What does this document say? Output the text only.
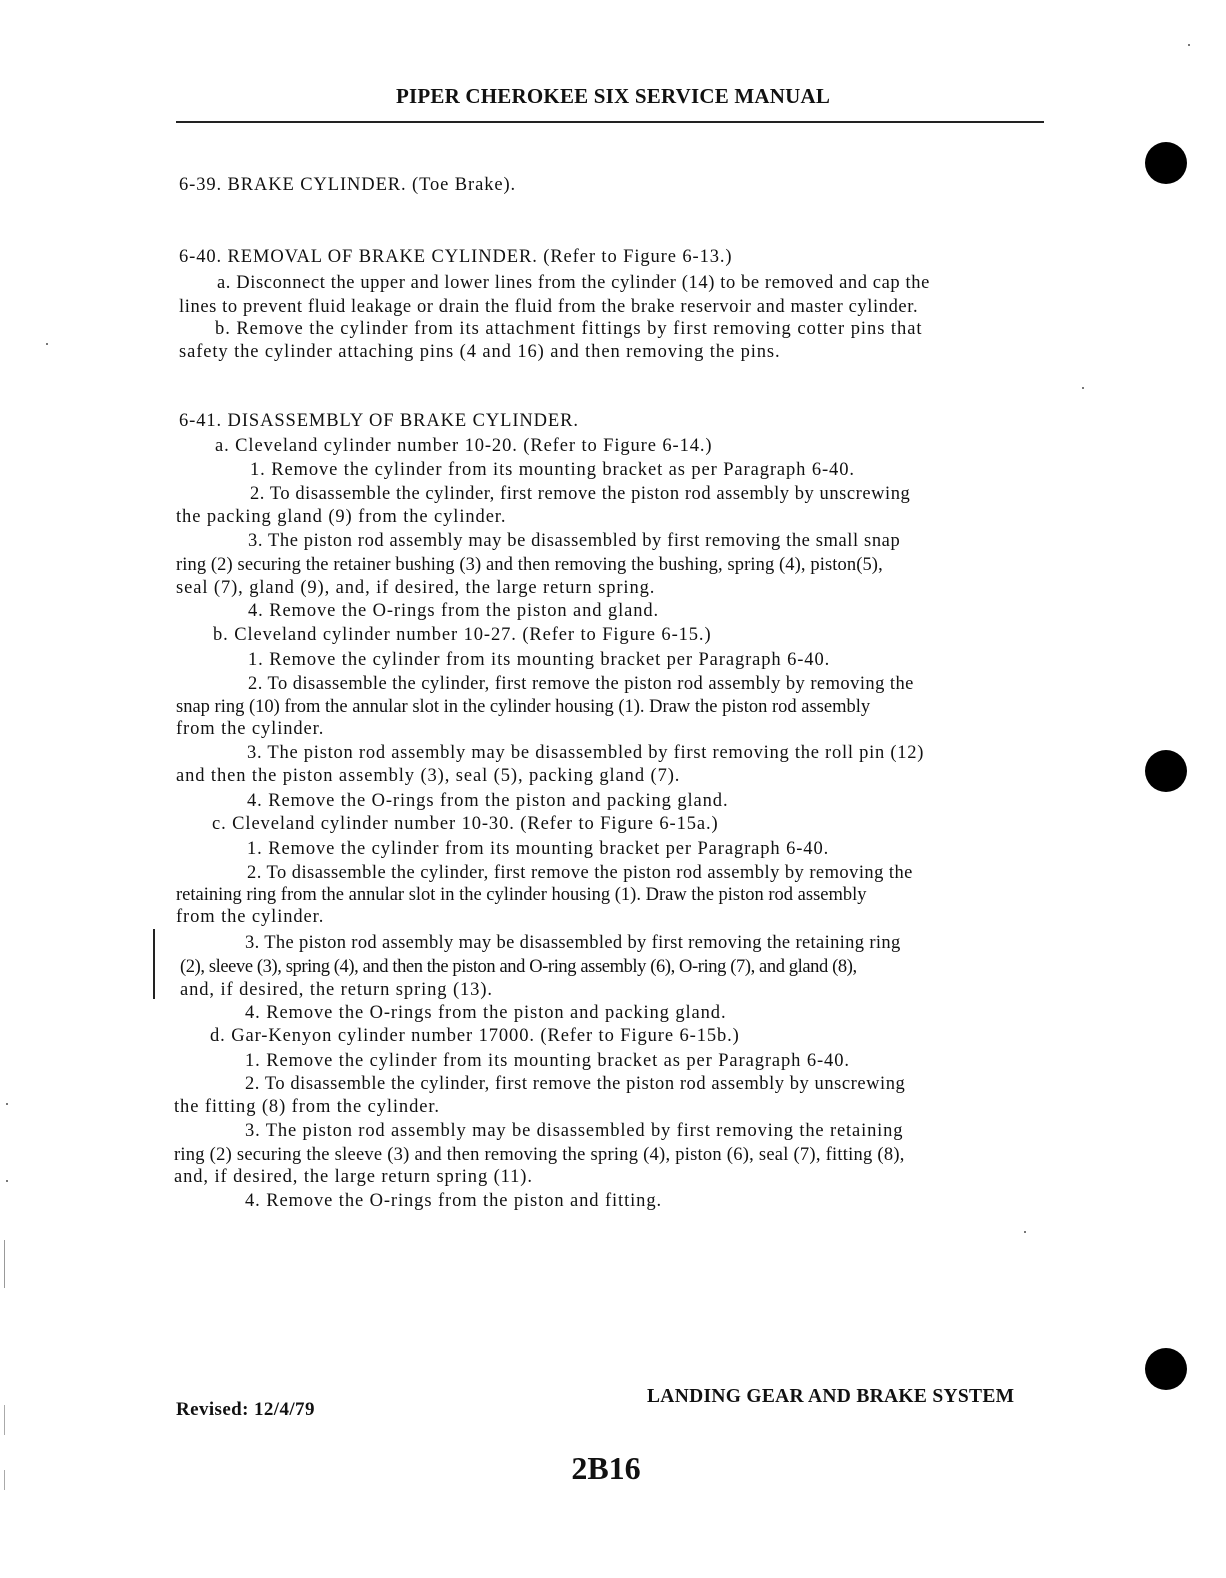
PIPER CHEROKEE SIX SERVICE MANUAL

6-39. BRAKE CYLINDER. (Toe Brake).

6-40. REMOVAL OF BRAKE CYLINDER. (Refer to Figure 6-13.)

a. Disconnect the upper and lower lines from the cylinder (14) to be removed and cap the

lines to prevent fluid leakage or drain the fluid from the brake reservoir and master cylinder.

b. Remove the cylinder from its attachment fittings by first removing cotter pins that

safety the cylinder attaching pins (4 and 16) and then removing the pins.

6-41. DISASSEMBLY OF BRAKE CYLINDER.

a. Cleveland cylinder number 10-20. (Refer to Figure 6-14.)

1. Remove the cylinder from its mounting bracket as per Paragraph 6-40.

2. To disassemble the cylinder, first remove the piston rod assembly by unscrewing

the packing gland (9) from the cylinder.

3. The piston rod assembly may be disassembled by first removing the small snap

ring (2) securing the retainer bushing (3) and then removing the bushing, spring (4), piston(5),

seal (7), gland (9), and, if desired, the large return spring.

4. Remove the O-rings from the piston and gland.

b. Cleveland cylinder number 10-27. (Refer to Figure 6-15.)

1. Remove the cylinder from its mounting bracket per Paragraph 6-40.

2. To disassemble the cylinder, first remove the piston rod assembly by removing the

snap ring (10) from the annular slot in the cylinder housing (1). Draw the piston rod assembly

from the cylinder.

3. The piston rod assembly may be disassembled by first removing the roll pin (12)

and then the piston assembly (3), seal (5), packing gland (7).

4. Remove the O-rings from the piston and packing gland.

c. Cleveland cylinder number 10-30. (Refer to Figure 6-15a.)

1. Remove the cylinder from its mounting bracket per Paragraph 6-40.

2. To disassemble the cylinder, first remove the piston rod assembly by removing the

retaining ring from the annular slot in the cylinder housing (1). Draw the piston rod assembly

from the cylinder.

3. The piston rod assembly may be disassembled by first removing the retaining ring

(2), sleeve (3), spring (4), and then the piston and O-ring assembly (6), O-ring (7), and gland (8),

and, if desired, the return spring (13).

4. Remove the O-rings from the piston and packing gland.

d. Gar-Kenyon cylinder number 17000. (Refer to Figure 6-15b.)

1. Remove the cylinder from its mounting bracket as per Paragraph 6-40.

2. To disassemble the cylinder, first remove the piston rod assembly by unscrewing

the fitting (8) from the cylinder.

3. The piston rod assembly may be disassembled by first removing the retaining

ring (2) securing the sleeve (3) and then removing the spring (4), piston (6), seal (7), fitting (8),

and, if desired, the large return spring (11).

4. Remove the O-rings from the piston and fitting.

Revised: 12/4/79

LANDING GEAR AND BRAKE SYSTEM

2B16
